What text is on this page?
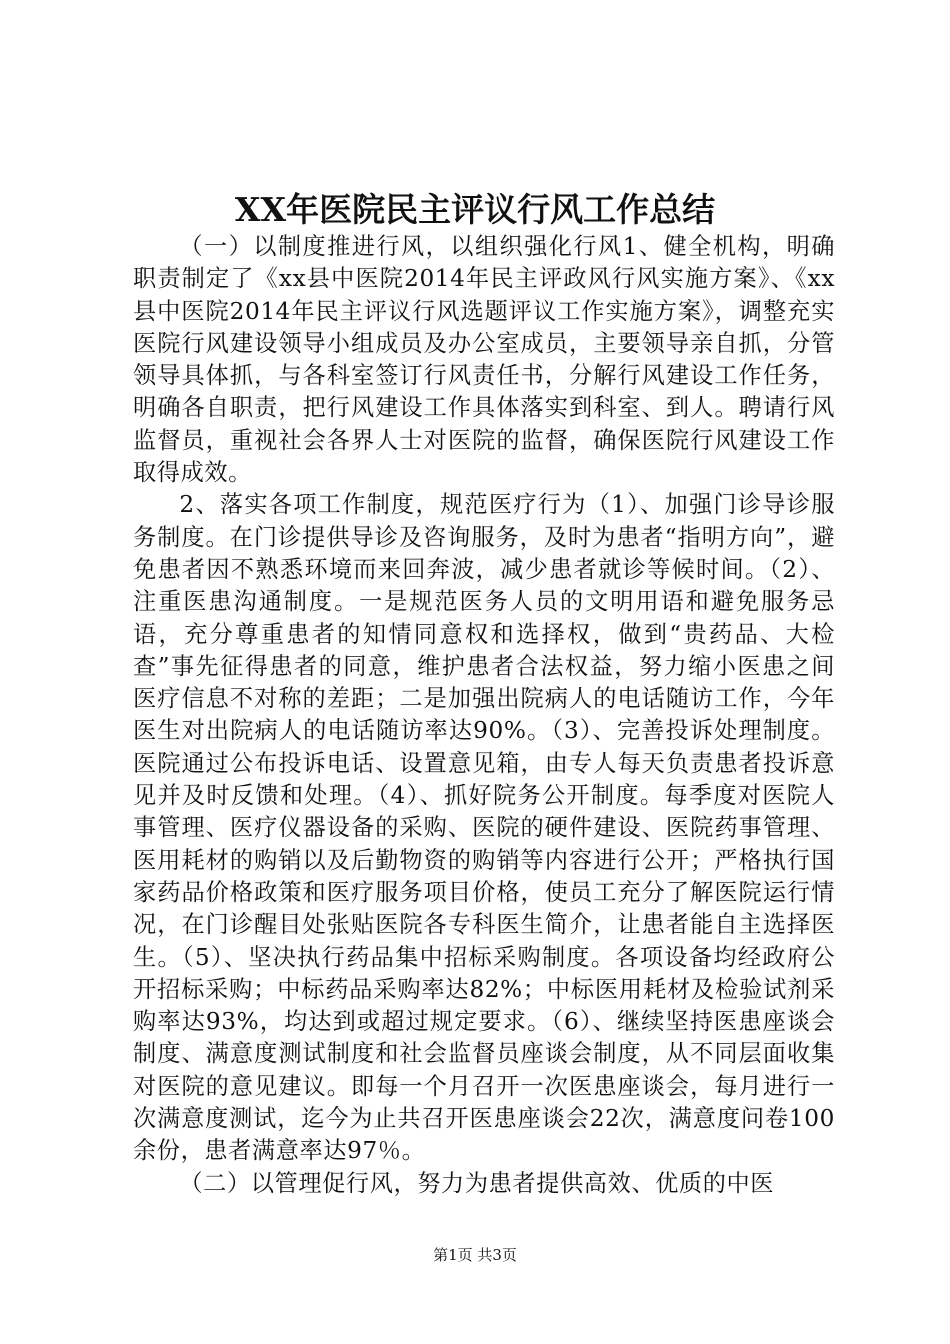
XX年医院民主评议行风工作总结

（一）以制度推进行风，以组织强化行风1、健全机构，明确职责制定了《xx县中医院2014年民主评政风行风实施方案》、《xx县中医院2014年民主评议行风选题评议工作实施方案》，调整充实医院行风建设领导小组成员及办公室成员，主要领导亲自抓，分管领导具体抓，与各科室签订行风责任书，分解行风建设工作任务，明确各自职责，把行风建设工作具体落实到科室、到人。聘请行风监督员，重视社会各界人士对医院的监督，确保医院行风建设工作取得成效。

2、落实各项工作制度，规范医疗行为（1）、加强门诊导诊服务制度。在门诊提供导诊及咨询服务，及时为患者“指明方向”，避免患者因不熟悉环境而来回奔波，减少患者就诊等候时间。（2）、注重医患沟通制度。一是规范医务人员的文明用语和避免服务忌语，充分尊重患者的知情同意权和选择权，做到“贵药品、大检查”事先征得患者的同意，维护患者合法权益，努力缩小医患之间医疗信息不对称的差距；二是加强出院病人的电话随访工作，今年医生对出院病人的电话随访率达90%。（3）、完善投诉处理制度。医院通过公布投诉电话、设置意见箱，由专人每天负责患者投诉意见并及时反馈和处理。（4）、抓好院务公开制度。每季度对医院人事管理、医疗仪器设备的采购、医院的硬件建设、医院药事管理、医用耗材的购销以及后勤物资的购销等内容进行公开；严格执行国家药品价格政策和医疗服务项目价格，使员工充分了解医院运行情况，在门诊醒目处张贴医院各专科医生简介，让患者能自主选择医生。（5）、坚决执行药品集中招标采购制度。各项设备均经政府公开招标采购；中标药品采购率达82%；中标医用耗材及检验试剂采购率达93%，均达到或超过规定要求。（6）、继续坚持医患座谈会制度、满意度测试制度和社会监督员座谈会制度，从不同层面收集对医院的意见建议。即每一个月召开一次医患座谈会，每月进行一次满意度测试，迄今为止共召开医患座谈会22次，满意度问卷100余份，患者满意率达97％。

（二）以管理促行风，努力为患者提供高效、优质的中医

第1页 共3页
